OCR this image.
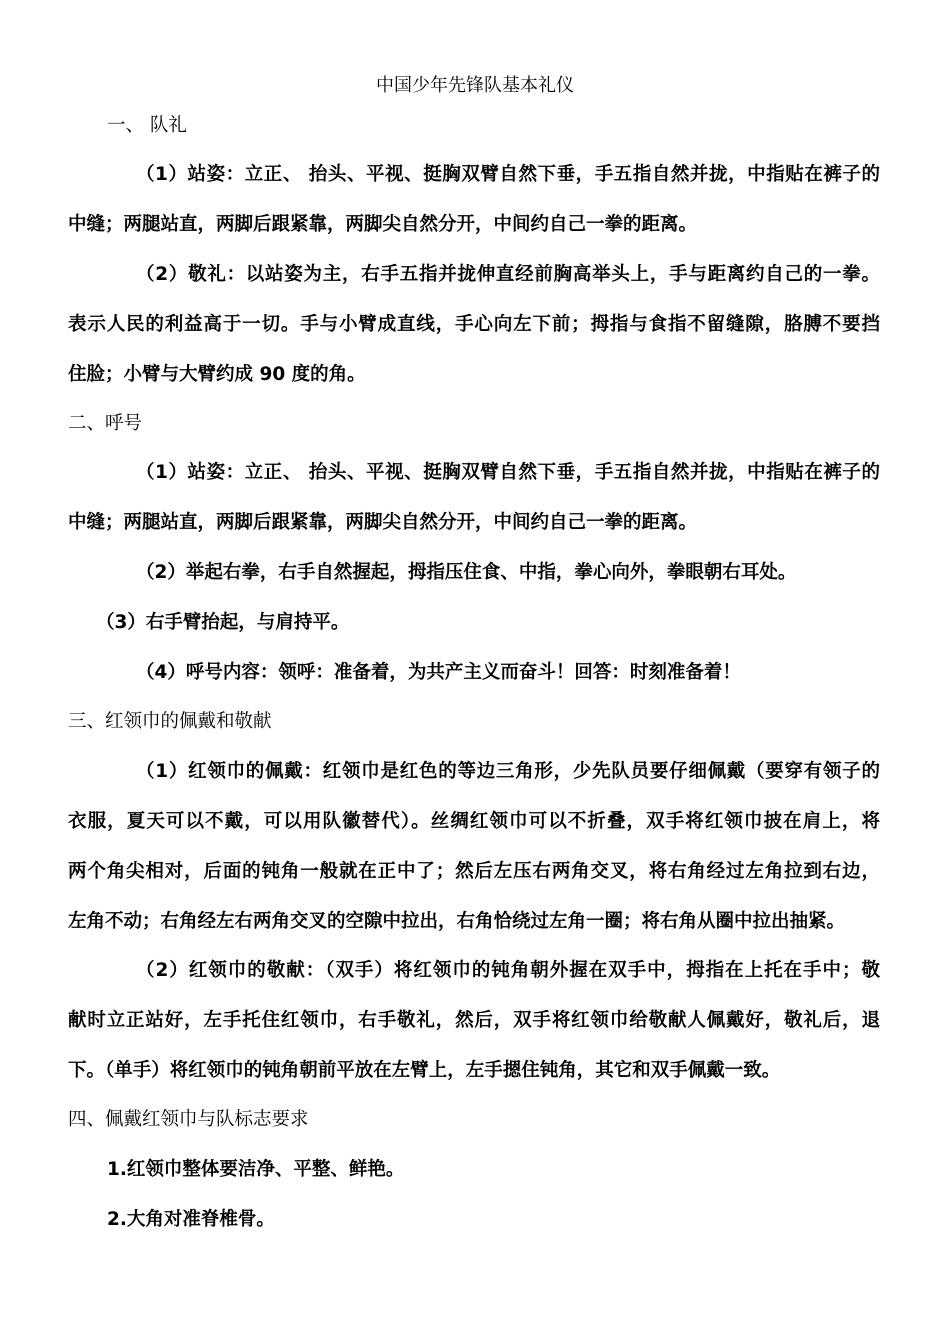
中国少年先锋队基本礼仪
一、 队礼
（1）站姿：立正、 抬头、平视、挺胸双臂自然下垂，手五指自然并拢，中指贴在裤子的
中缝；两腿站直，两脚后跟紧靠，两脚尖自然分开，中间约自己一拳的距离。
（2）敬礼：以站姿为主，右手五指并拢伸直经前胸高举头上，手与距离约自己的一拳。
表示人民的利益高于一切。手与小臂成直线，手心向左下前；拇指与食指不留缝隙，胳膊不要挡
住脸；小臂与大臂约成 90 度的角。
二、呼号
（1）站姿：立正、 抬头、平视、挺胸双臂自然下垂，手五指自然并拢，中指贴在裤子的
中缝；两腿站直，两脚后跟紧靠，两脚尖自然分开，中间约自己一拳的距离。
（2）举起右拳，右手自然握起，拇指压住食、中指，拳心向外，拳眼朝右耳处。
（3）右手臂抬起，与肩持平。
（4）呼号内容：领呼：准备着，为共产主义而奋斗！回答：时刻准备着！
三、红领巾的佩戴和敬献
（1）红领巾的佩戴：红领巾是红色的等边三角形，少先队员要仔细佩戴（要穿有领子的
衣服，夏天可以不戴，可以用队徽替代）。丝绸红领巾可以不折叠，双手将红领巾披在肩上，将
两个角尖相对，后面的钝角一般就在正中了；然后左压右两角交叉，将右角经过左角拉到右边，
左角不动；右角经左右两角交叉的空隙中拉出，右角恰绕过左角一圈；将右角从圈中拉出抽紧。
（2）红领巾的敬献：（双手）将红领巾的钝角朝外握在双手中，拇指在上托在手中；敬
献时立正站好，左手托住红领巾，右手敬礼，然后，双手将红领巾给敬献人佩戴好，敬礼后，退
下。（单手）将红领巾的钝角朝前平放在左臂上，左手摁住钝角，其它和双手佩戴一致。
四、佩戴红领巾与队标志要求
1.红领巾整体要洁净、平整、鲜艳。
2.大角对准脊椎骨。
